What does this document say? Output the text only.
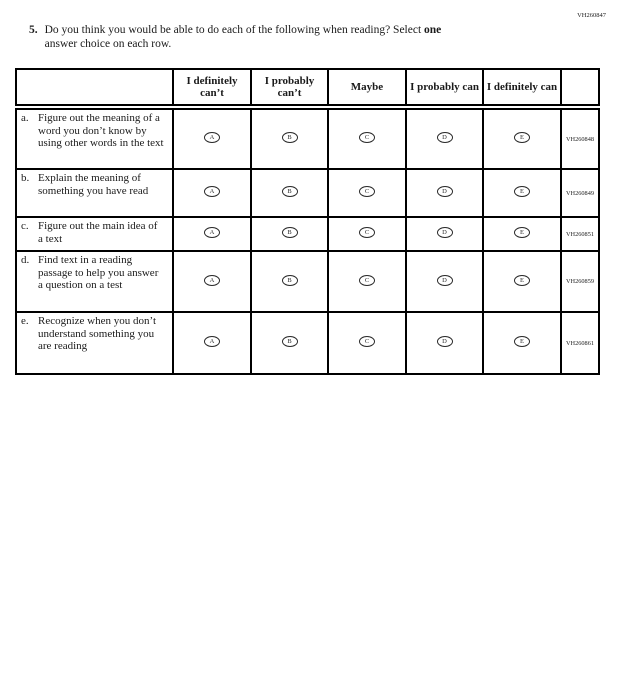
VH260847
5. Do you think you would be able to do each of the following when reading? Select one
answer choice on each row.
	I definitely can’t	I probably can’t	Maybe	I probably can	I definitely can	

a. Figure out the meaning of a word you don’t know by using other words in the text	A	B	C	D	E	VH260848

b. Explain the meaning of something you have read	A	B	C	D	E	VH260849

c. Figure out the main idea of a text	A	B	C	D	E	VH260851

d. Find text in a reading passage to help you answer a question on a test	A	B	C	D	E	VH260859

e. Recognize when you don’t understand something you are reading	A	B	C	D	E	VH260861
